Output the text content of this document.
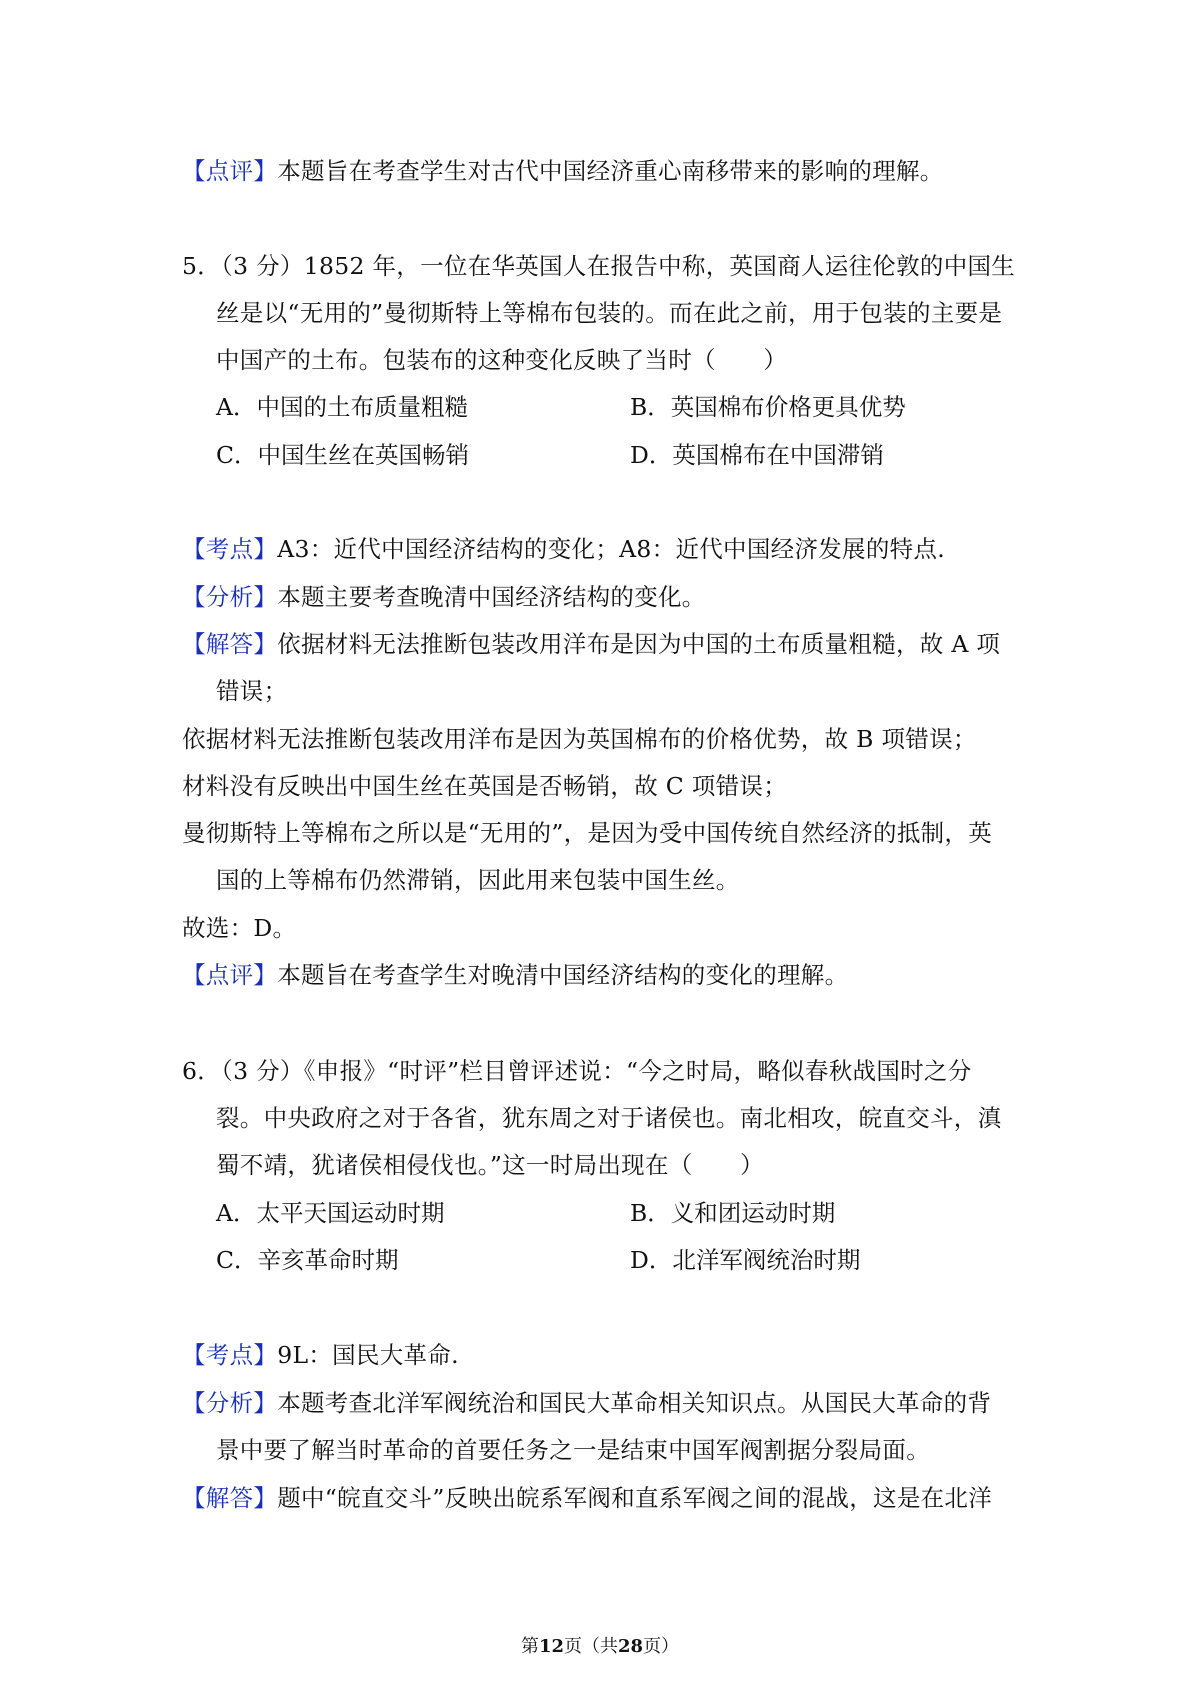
【点评】本题旨在考查学生对古代中国经济重心南移带来的影响的理解。
5．（3 分）1852 年，一位在华英国人在报告中称，英国商人运往伦敦的中国生
丝是以“无用的”曼彻斯特上等棉布包装的。而在此之前，用于包装的主要是
中国产的土布。包装布的这种变化反映了当时（　　）
A．中国的土布质量粗糙	B．英国棉布价格更具优势
C．中国生丝在英国畅销	D．英国棉布在中国滞销
【考点】A3：近代中国经济结构的变化；A8：近代中国经济发展的特点.
【分析】本题主要考查晚清中国经济结构的变化。
【解答】依据材料无法推断包装改用洋布是因为中国的土布质量粗糙，故 A 项
错误；
依据材料无法推断包装改用洋布是因为英国棉布的价格优势，故 B 项错误；
材料没有反映出中国生丝在英国是否畅销，故 C 项错误；
曼彻斯特上等棉布之所以是“无用的”，是因为受中国传统自然经济的抵制，英
国的上等棉布仍然滞销，因此用来包装中国生丝。
故选：D。
【点评】本题旨在考查学生对晚清中国经济结构的变化的理解。
6．（3 分）《申报》“时评”栏目曾评述说：“今之时局，略似春秋战国时之分
裂。中央政府之对于各省，犹东周之对于诸侯也。南北相攻，皖直交斗，滇
蜀不靖，犹诸侯相侵伐也。”这一时局出现在（　　）
A．太平天国运动时期	B．义和团运动时期
C．辛亥革命时期	D．北洋军阀统治时期
【考点】9L：国民大革命.
【分析】本题考查北洋军阀统治和国民大革命相关知识点。从国民大革命的背
景中要了解当时革命的首要任务之一是结束中国军阀割据分裂局面。
【解答】题中“皖直交斗”反映出皖系军阀和直系军阀之间的混战，这是在北洋
第12页（共28页）
